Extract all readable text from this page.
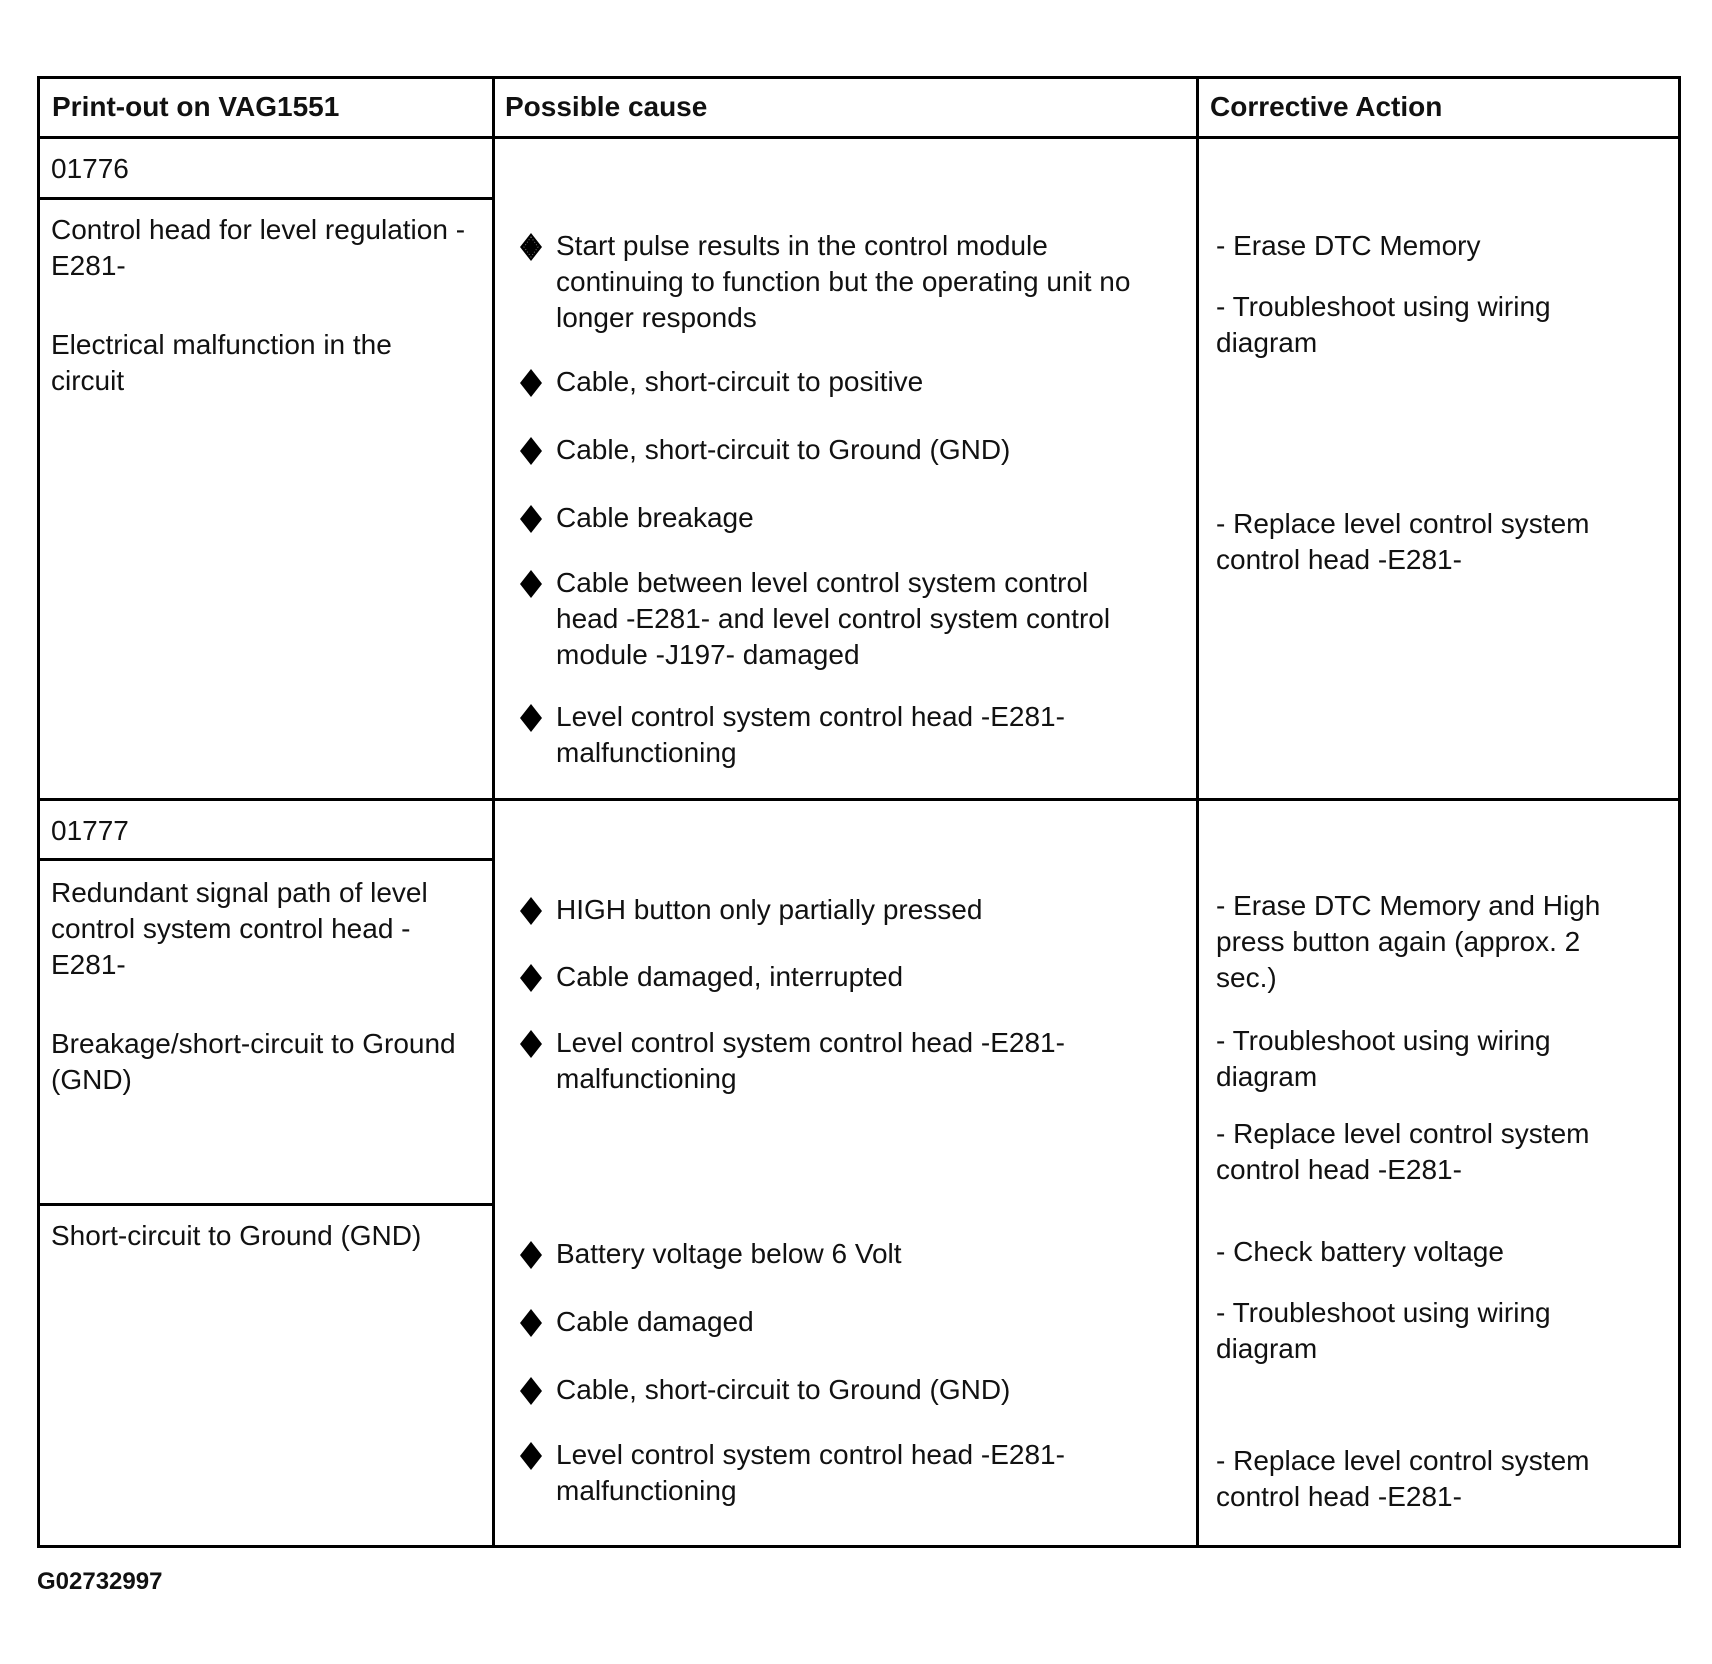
Print-out on VAG1551	Possible cause	Corrective Action
01776
Control head for level regulation -
E281-
Electrical malfunction in the
circuit
Start pulse results in the control module
continuing to function but the operating unit no
longer responds
Cable, short-circuit to positive
Cable, short-circuit to Ground (GND)
Cable breakage
Cable between level control system control
head -E281- and level control system control
module -J197- damaged
Level control system control head -E281-
malfunctioning
- Erase DTC Memory
- Troubleshoot using wiring
diagram
- Replace level control system
control head -E281-
01777
Redundant signal path of level
control system control head -
E281-
Breakage/short-circuit to Ground
(GND)
HIGH button only partially pressed
Cable damaged, interrupted
Level control system control head -E281-
malfunctioning
- Erase DTC Memory and High
press button again (approx. 2
sec.)
- Troubleshoot using wiring
diagram
- Replace level control system
control head -E281-
Short-circuit to Ground (GND)
Battery voltage below 6 Volt
Cable damaged
Cable, short-circuit to Ground (GND)
Level control system control head -E281-
malfunctioning
- Check battery voltage
- Troubleshoot using wiring
diagram
- Replace level control system
control head -E281-
G02732997
